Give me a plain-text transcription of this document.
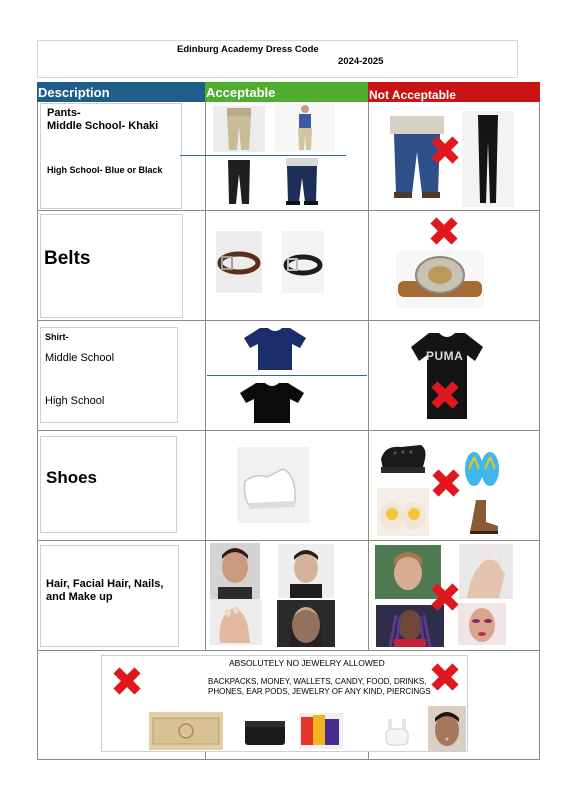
Edinburg Academy Dress Code
2024-2025
Description	Acceptable	Not Acceptable
Pants-
Middle School- Khaki
High School- Blue or Black
Belts
Shirt-
Middle School
High School
PUMA
Shoes
Hair, Facial Hair, Nails,
and Make up
ABSOLUTELY NO JEWELRY ALLOWED
BACKPACKS, MONEY, WALLETS, CANDY, FOOD, DRINKS,
PHONES, EAR PODS, JEWELRY OF ANY KIND, PIERCINGS
